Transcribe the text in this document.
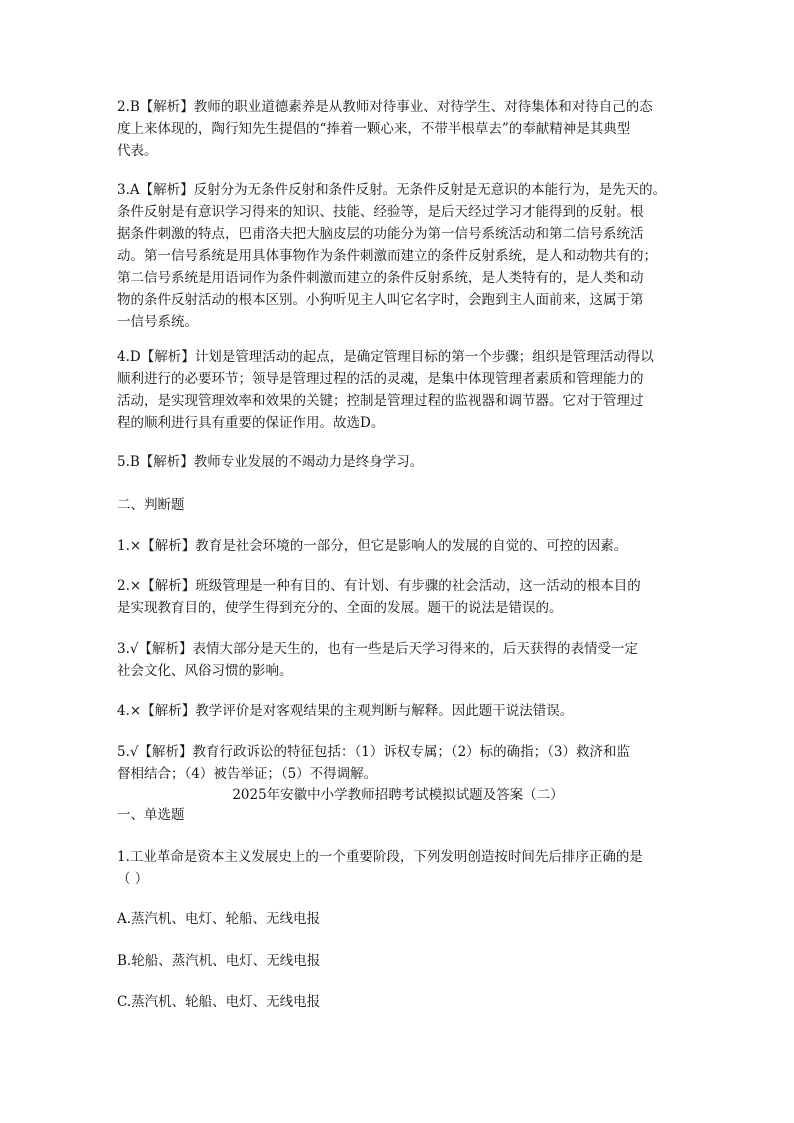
2.B【解析】教师的职业道德素养是从教师对待事业、对待学生、对待集体和对待自己的态
度上来体现的，陶行知先生提倡的“捧着一颗心来，不带半根草去”的奉献精神是其典型
代表。
3.A【解析】反射分为无条件反射和条件反射。无条件反射是无意识的本能行为，是先天的。
条件反射是有意识学习得来的知识、技能、经验等，是后天经过学习才能得到的反射。根
据条件刺激的特点，巴甫洛夫把大脑皮层的功能分为第一信号系统活动和第二信号系统活
动。第一信号系统是用具体事物作为条件刺激而建立的条件反射系统，是人和动物共有的；
第二信号系统是用语词作为条件刺激而建立的条件反射系统，是人类特有的，是人类和动
物的条件反射活动的根本区别。小狗听见主人叫它名字时，会跑到主人面前来，这属于第
一信号系统。
4.D【解析】计划是管理活动的起点，是确定管理目标的第一个步骤；组织是管理活动得以
顺利进行的必要环节；领导是管理过程的活的灵魂，是集中体现管理者素质和管理能力的
活动，是实现管理效率和效果的关键；控制是管理过程的监视器和调节器。它对于管理过
程的顺利进行具有重要的保证作用。故选D。
5.B【解析】教师专业发展的不竭动力是终身学习。
二、判断题
1.×【解析】教育是社会环境的一部分，但它是影响人的发展的自觉的、可控的因素。
2.×【解析】班级管理是一种有目的、有计划、有步骤的社会活动，这一活动的根本目的
是实现教育目的，使学生得到充分的、全面的发展。题干的说法是错误的。
3.√【解析】表情大部分是天生的，也有一些是后天学习得来的，后天获得的表情受一定
社会文化、风俗习惯的影响。
4.×【解析】教学评价是对客观结果的主观判断与解释。因此题干说法错误。
5.√【解析】教育行政诉讼的特征包括：（1）诉权专属；（2）标的确指；（3）救济和监
督相结合；（4）被告举证；（5）不得调解。
2025年安徽中小学教师招聘考试模拟试题及答案（二）
一、单选题
1.工业革命是资本主义发展史上的一个重要阶段，下列发明创造按时间先后排序正确的是
（ ）
A.蒸汽机、电灯、轮船、无线电报
B.轮船、蒸汽机、电灯、无线电报
C.蒸汽机、轮船、电灯、无线电报
